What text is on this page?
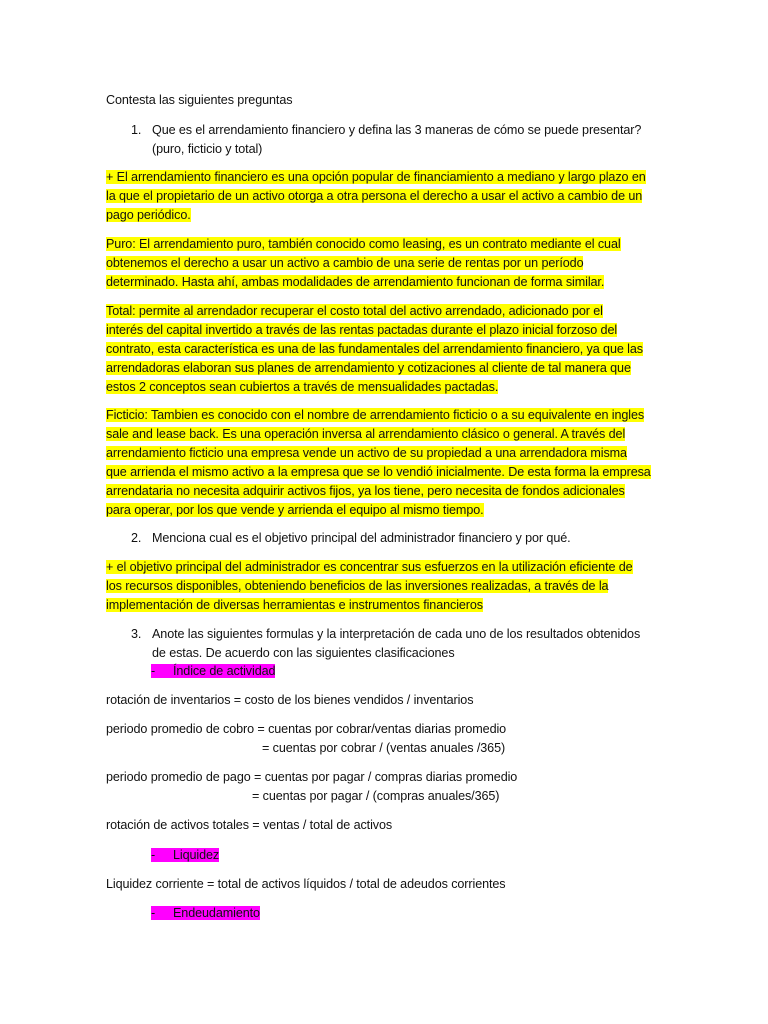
Contesta las siguientes preguntas
1. Que es el arrendamiento financiero y defina las 3 maneras de cómo se puede presentar?
(puro, ficticio y total)
+ El arrendamiento financiero es una opción popular de financiamiento a mediano y largo plazo en
la que el propietario de un activo otorga a otra persona el derecho a usar el activo a cambio de un
pago periódico.
Puro: El arrendamiento puro, también conocido como leasing, es un contrato mediante el cual
obtenemos el derecho a usar un activo a cambio de una serie de rentas por un período
determinado. Hasta ahí, ambas modalidades de arrendamiento funcionan de forma similar.
Total: permite al arrendador recuperar el costo total del activo arrendado, adicionado por el
interés del capital invertido a través de las rentas pactadas durante el plazo inicial forzoso del
contrato, esta característica es una de las fundamentales del arrendamiento financiero, ya que las
arrendadoras elaboran sus planes de arrendamiento y cotizaciones al cliente de tal manera que
estos 2 conceptos sean cubiertos a través de mensualidades pactadas.
Ficticio: Tambien es conocido con el nombre de arrendamiento ficticio o a su equivalente en ingles
sale and lease back. Es una operación inversa al arrendamiento clásico o general. A través del
arrendamiento ficticio una empresa vende un activo de su propiedad a una arrendadora misma
que arrienda el mismo activo a la empresa que se lo vendió inicialmente. De esta forma la empresa
arrendataria no necesita adquirir activos fijos, ya los tiene, pero necesita de fondos adicionales
para operar, por los que vende y arrienda el equipo al mismo tiempo.
2. Menciona cual es el objetivo principal del administrador financiero y por qué.
+ el objetivo principal del administrador es concentrar sus esfuerzos en la utilización eficiente de
los recursos disponibles, obteniendo beneficios de las inversiones realizadas, a través de la
implementación de diversas herramientas e instrumentos financieros
3. Anote las siguientes formulas y la interpretación de cada uno de los resultados obtenidos
de estas. De acuerdo con las siguientes clasificaciones
- Índice de actividad
rotación de inventarios = costo de los bienes vendidos / inventarios
periodo promedio de cobro = cuentas por cobrar/ventas diarias promedio
= cuentas por cobrar / (ventas anuales /365)
periodo promedio de pago = cuentas por pagar / compras diarias promedio
= cuentas por pagar / (compras anuales/365)
rotación de activos totales = ventas / total de activos
- Liquidez
Liquidez corriente = total de activos líquidos / total de adeudos corrientes
- Endeudamiento
